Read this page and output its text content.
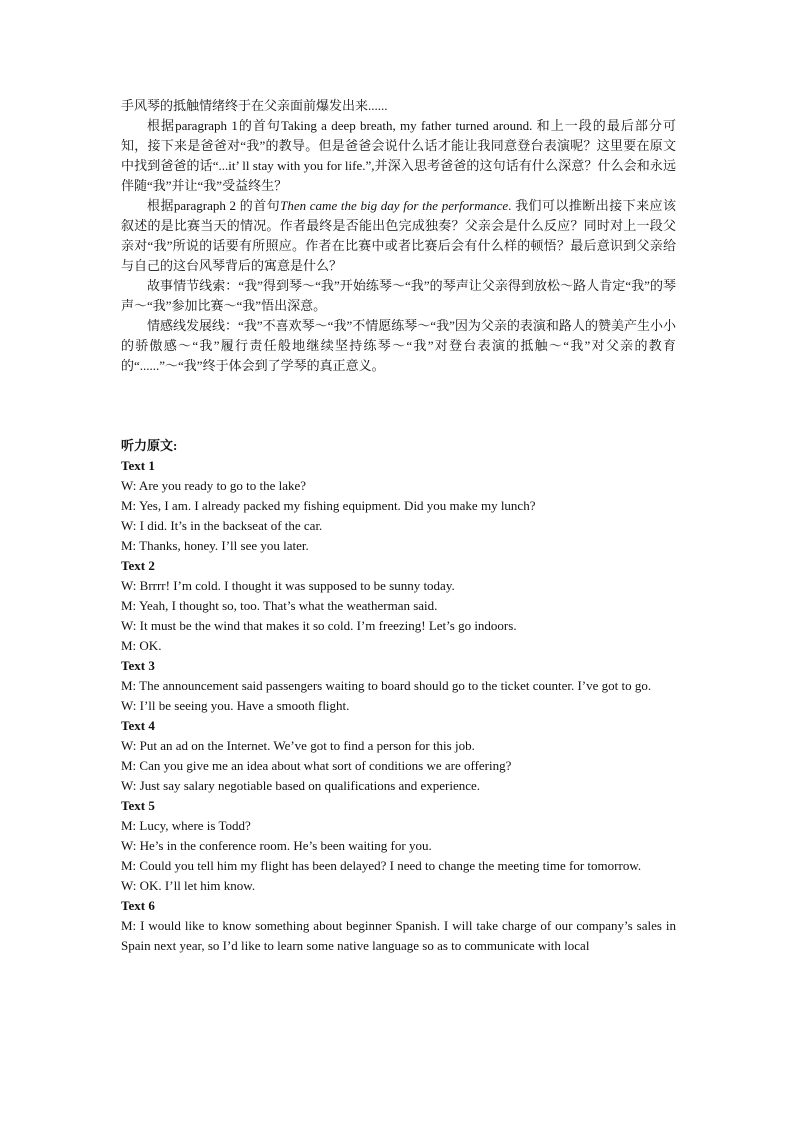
手风琴的抵触情绪终于在父亲面前爆发出来......

根据paragraph 1的首句Taking a deep breath, my father turned around. 和上一段的最后部分可知，接下来是爸爸对“我”的教导。但是爸爸会说什么话才能让我同意登台表演呢？这里要在原文中找到爸爸的话“...it’ ll stay with you for life.”,并深入思考爸爸的这句话有什么深意？什么会和永远伴随“我”并让“我”受益终生？

根据paragraph 2 的首句Then came the big day for the performance. 我们可以推断出接下来应该叙述的是比赛当天的情况。作者最终是否能出色完成独奏？父亲会是什么反应？同时对上一段父亲对“我”所说的话要有所照应。作者在比赛中或者比赛后会有什么样的顿悟？最后意识到父亲给与自己的这台风琴背后的寓意是什么？

故事情节线索：“我”得到琴～“我”开始练琴～“我”的琴声让父亲得到放松～路人肯定“我”的琴声～“我”参加比赛～“我”悟出深意。

情感线发展线：“我”不喜欢琴～“我”不情愿练琴～“我”因为父亲的表演和路人的赞美产生小小的骄傲感～“我”履行责任般地继续坚持练琴～“我”对登台表演的抵触～“我”对父亲的教育的“......”～“我”终于体会到了学琴的真正意义。

听力原文:

Text 1

W: Are you ready to go to the lake?

M: Yes, I am. I already packed my fishing equipment. Did you make my lunch?

W: I did. It’s in the backseat of the car.

M: Thanks, honey. I’ll see you later.

Text 2

W: Brrrr! I’m cold. I thought it was supposed to be sunny today.

M: Yeah, I thought so, too. That’s what the weatherman said.

W: It must be the wind that makes it so cold. I’m freezing! Let’s go indoors.

M: OK.

Text 3

M: The announcement said passengers waiting to board should go to the ticket counter. I’ve got to go.

W: I’ll be seeing you. Have a smooth flight.

Text 4

W: Put an ad on the Internet. We’ve got to find a person for this job.

M: Can you give me an idea about what sort of conditions we are offering?

W: Just say salary negotiable based on qualifications and experience.

Text 5

M: Lucy, where is Todd?

W: He’s in the conference room. He’s been waiting for you.

M: Could you tell him my flight has been delayed? I need to change the meeting time for tomorrow.

W: OK. I’ll let him know.

Text 6

M: I would like to know something about beginner Spanish. I will take charge of our company’s sales in Spain next year, so I’d like to learn some native language so as to communicate with local
